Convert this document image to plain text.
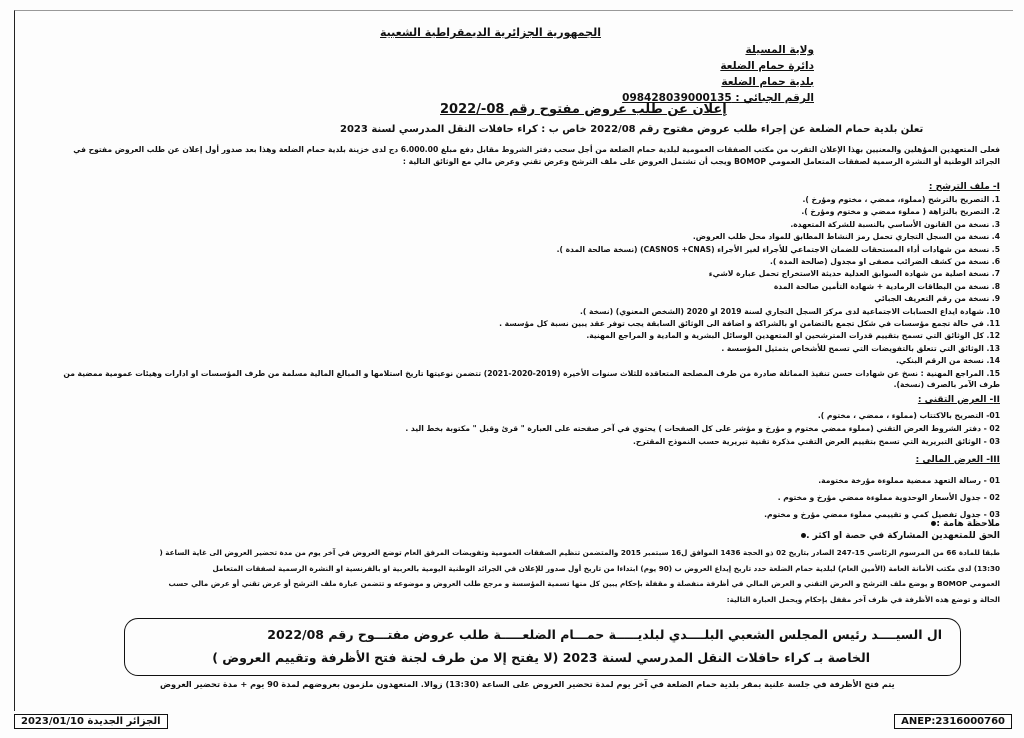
الجمهورية الجزائرية الديمقراطية الشعبية
ولاية المسيلة
دائرة حمام الضلعة
بلدية حمام الضلعة
الرقم الجبائي : 098428039000135
إعلان عن طلب عروض مفتوح رقم 08-/2022
تعلن بلدية حمام الضلعة عن إجراء طلب عروض مفتوح رقم 2022/08 خاص ب : كراء حافلات النقل المدرسي لسنة 2023
فعلى المتعهدين المؤهلين والمعنيين بهذا الإعلان التقرب من مكتب الصفقات العمومية لبلدية حمام الضلعة من أجل سحب دفتر الشروط مقابل دفع مبلغ 6.000.00 دج لدى خزينة بلدية حمام الضلعة وهذا بعد صدور أول إعلان عن طلب العروض مفتوح في الجرائد الوطنية أو النشرة الرسمية لصفقات المتعامل العمومي BOMOP ويجب أن تشتمل العروض على ملف الترشح وعرض تقني وعرض مالي مع الوثائق التالية :
I- ملف الترشح :
1. التصريح بالترشح (مملوء، ممضي ، مختوم ومؤرخ ).
2. التصريح بالنزاهة ( مملوء ممضي و مختوم ومؤرخ ).
3. نسخة من القانون الأساسي بالنسبة للشركة المتعهدة.
4. نسخة من السجل التجاري تحمل رمز النشاط المطابق للمواد محل طلب العروض.
5. نسخة من شهادات أداء المستحقات للضمان الاجتماعي للأجراء لغير الأجراء (CASNOS +CNAS) (نسخة صالحة المدة ).
6. نسخة من كشف الضرائب مصفى او مجدول (صالحة المدة ).
7. نسخة اصلية من شهادة السوابق العدلية حديثة الاستخراج تحمل عبارة لاشيء
8. نسخة من البطاقات الرمادية + شهادة التأمين صالحة المدة
9. نسخة من رقم التعريف الجبائي
10. شهادة ايداع الحسابات الاجتماعية لدى مركز السجل التجاري لسنة 2019 او 2020 (الشخص المعنوي) (نسخة ).
11. في حالة تجمع مؤسسات في شكل تجمع بالتضامن او بالشراكة و اضافة الى الوثائق السابقة يجب توفر عقد يبين نسبة كل مؤسسة .
12. كل الوثائق التي تسمح بتقييم قدرات المترشحين او المتعهدين الوسائل البشرية و المادية و المراجع المهنية.
13. الوثائق التي تتعلق بالتفويضات التي تسمح للأشخاص بتمثيل المؤسسة .
14. نسخة من الرقم البنكي.
15. المراجع المهنية : نسخ عن شهادات حسن تنفيذ المماثلة صادرة من طرف المصلحة المتعاقدة للثلاث سنوات الأخيرة (2019-2020-2021) تتضمن نوعيتها تاريخ استلامها و المبالغ المالية مسلمة من طرف المؤسسات او ادارات وهيئات عمومية ممضية من طرف الآمر بالصرف (نسخة).
II- العرض التقني :
01- التصريح بالاكتتاب (مملوء ، ممضي ، مختوم ).
02 - دفتر الشروط العرض التقني (مملوء ممضي مختوم و مؤرخ و مؤشر على كل الصفحات ) يحتوي في آخر صفحته على العبارة " قرئ وقبل " مكتوبة بخط اليد .
03 - الوثائق التبريرية التي تسمح بتقييم العرض التقني مذكرة تقنية تبريرية حسب النموذج المقترح.
III- العرض المالي :
01 - رسالة التعهد ممضية مملوءة مؤرخة مختومة.
02 - جدول الأسعار الوحدوية مملوءة ممضي مؤرخ و مختوم .
03 - جدول تفصيل كمي و تقييمي مملوء ممضي مؤرخ و مختوم.
ملاحظة هامة :
الحق للمتعهدين المشاركة في حصة او اكثر .
طبقا للمادة 66 من المرسوم الرئاسي 15-247 الصادر بتاريخ 02 ذو الحجة 1436 الموافق ل16 سبتمبر 2015 والمتضمن تنظيم الصفقات العمومية وتفويضات المرفق العام توضع العروض في آخر يوم من مدة تحضير العروض الى غاية الساعة (
13:30) لدى مكتب الأمانة العامة (الأمين العام) لبلدية حمام الضلعة حدد تاريخ إيداع العروض ب (90 يوم) ابتداءا من تاريخ أول صدور للإعلان في الجرائد الوطنية اليومية بالعربية او بالفرنسية او النشرة الرسمية لصفقات المتعامل
العمومي BOMOP و يوضع ملف الترشح و العرض التقني و العرض المالي في أظرفة منفصلة و مقفلة بإحكام يبين كل منها تسمية المؤسسة و مرجع طلب العروض و موضوعه و تتضمن عبارة ملف الترشح أو عرض تقني أو عرض مالي حسب
الحالة و توضع هذه الأظرفة في ظرف آخر مقفل بإحكام ويحمل العبارة التالية:
ال السيــــد رئيس المجلس الشعبي البلــــدي لبلديـــــة حمـــام الضلعـــــة طلب عروض مفتـــوح رقم 2022/08
الخاصة بـ كراء حافلات النقل المدرسي لسنة 2023 (لا يفتح إلا من طرف لجنة فتح الأظرفة وتقييم العروض )
يتم فتح الأظرفة في جلسة علنية بمقر بلدية حمام الضلعة في آخر يوم لمدة تحضير العروض على الساعة (13:30) زوالا. المتعهدون ملزمون بعروضهم لمدة 90 يوم + مدة تحضير العروض
الجزائر الجديدة 2023/01/10	ANEP:2316000760
